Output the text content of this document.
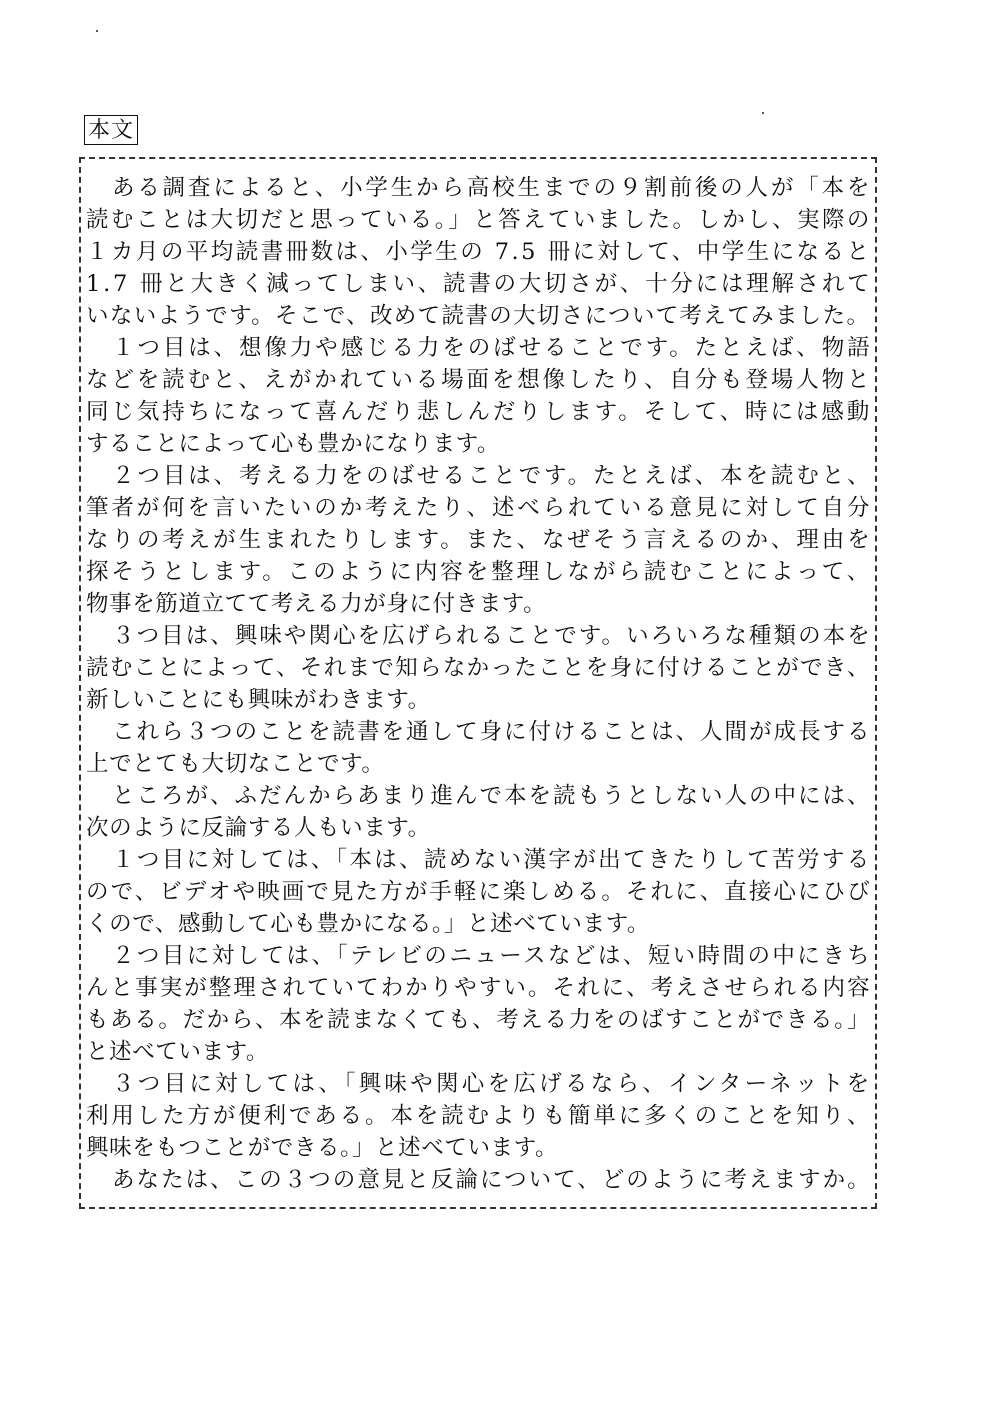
本文
ある調査によると、小学生から高校生までの９割前後の人が「本を
読むことは大切だと思っている。」と答えていました。しかし、実際の
１カ月の平均読書冊数は、小学生の 7.5 冊に対して、中学生になると
1.7 冊と大きく減ってしまい、読書の大切さが、十分には理解されて
いないようです。そこで、改めて読書の大切さについて考えてみました。
１つ目は、想像力や感じる力をのばせることです。たとえば、物語
などを読むと、えがかれている場面を想像したり、自分も登場人物と
同じ気持ちになって喜んだり悲しんだりします。そして、時には感動
することによって心も豊かになります。
２つ目は、考える力をのばせることです。たとえば、本を読むと、
筆者が何を言いたいのか考えたり、述べられている意見に対して自分
なりの考えが生まれたりします。また、なぜそう言えるのか、理由を
探そうとします。このように内容を整理しながら読むことによって、
物事を筋道立てて考える力が身に付きます。
３つ目は、興味や関心を広げられることです。いろいろな種類の本を
読むことによって、それまで知らなかったことを身に付けることができ、
新しいことにも興味がわきます。
これら３つのことを読書を通して身に付けることは、人間が成長する
上でとても大切なことです。
ところが、ふだんからあまり進んで本を読もうとしない人の中には、
次のように反論する人もいます。
１つ目に対しては、「本は、読めない漢字が出てきたりして苦労する
ので、ビデオや映画で見た方が手軽に楽しめる。それに、直接心にひび
くので、感動して心も豊かになる。」と述べています。
２つ目に対しては、「テレビのニュースなどは、短い時間の中にきち
んと事実が整理されていてわかりやすい。それに、考えさせられる内容
もある。だから、本を読まなくても、考える力をのばすことができる。」
と述べています。
３つ目に対しては、「興味や関心を広げるなら、インターネットを
利用した方が便利である。本を読むよりも簡単に多くのことを知り、
興味をもつことができる。」と述べています。
あなたは、この３つの意見と反論について、どのように考えますか。
